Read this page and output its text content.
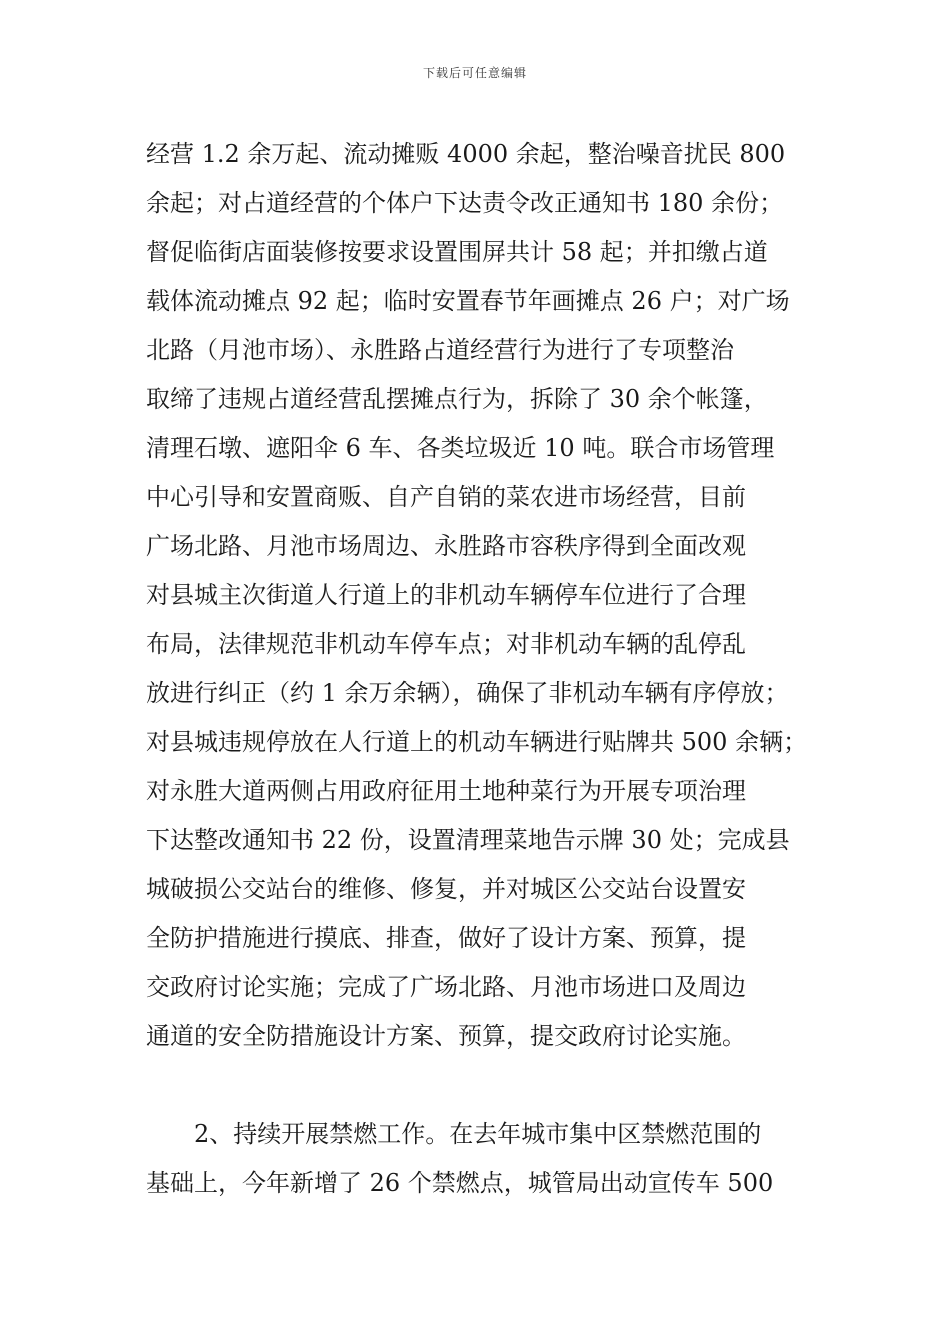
下载后可任意编辑
经营 1.2 余万起、流动摊贩 4000 余起，整治噪音扰民 800
余起；对占道经营的个体户下达责令改正通知书 180 余份；
督促临街店面装修按要求设置围屏共计 58 起；并扣缴占道
载体流动摊点 92 起；临时安置春节年画摊点 26 户；对广场
北路（月池市场）、永胜路占道经营行为进行了专项整治
取缔了违规占道经营乱摆摊点行为，拆除了 30 余个帐篷，
清理石墩、遮阳伞 6 车、各类垃圾近 10 吨。联合市场管理
中心引导和安置商贩、自产自销的菜农进市场经营，目前
广场北路、月池市场周边、永胜路市容秩序得到全面改观
对县城主次街道人行道上的非机动车辆停车位进行了合理
布局，法律规范非机动车停车点；对非机动车辆的乱停乱
放进行纠正（约 1 余万余辆），确保了非机动车辆有序停放；
对县城违规停放在人行道上的机动车辆进行贴牌共 500 余辆；
对永胜大道两侧占用政府征用土地种菜行为开展专项治理
下达整改通知书 22 份，设置清理菜地告示牌 30 处；完成县
城破损公交站台的维修、修复，并对城区公交站台设置安
全防护措施进行摸底、排查，做好了设计方案、预算，提
交政府讨论实施；完成了广场北路、月池市场进口及周边
通道的安全防措施设计方案、预算，提交政府讨论实施。
2、持续开展禁燃工作。在去年城市集中区禁燃范围的
基础上，今年新增了 26 个禁燃点，城管局出动宣传车 500
